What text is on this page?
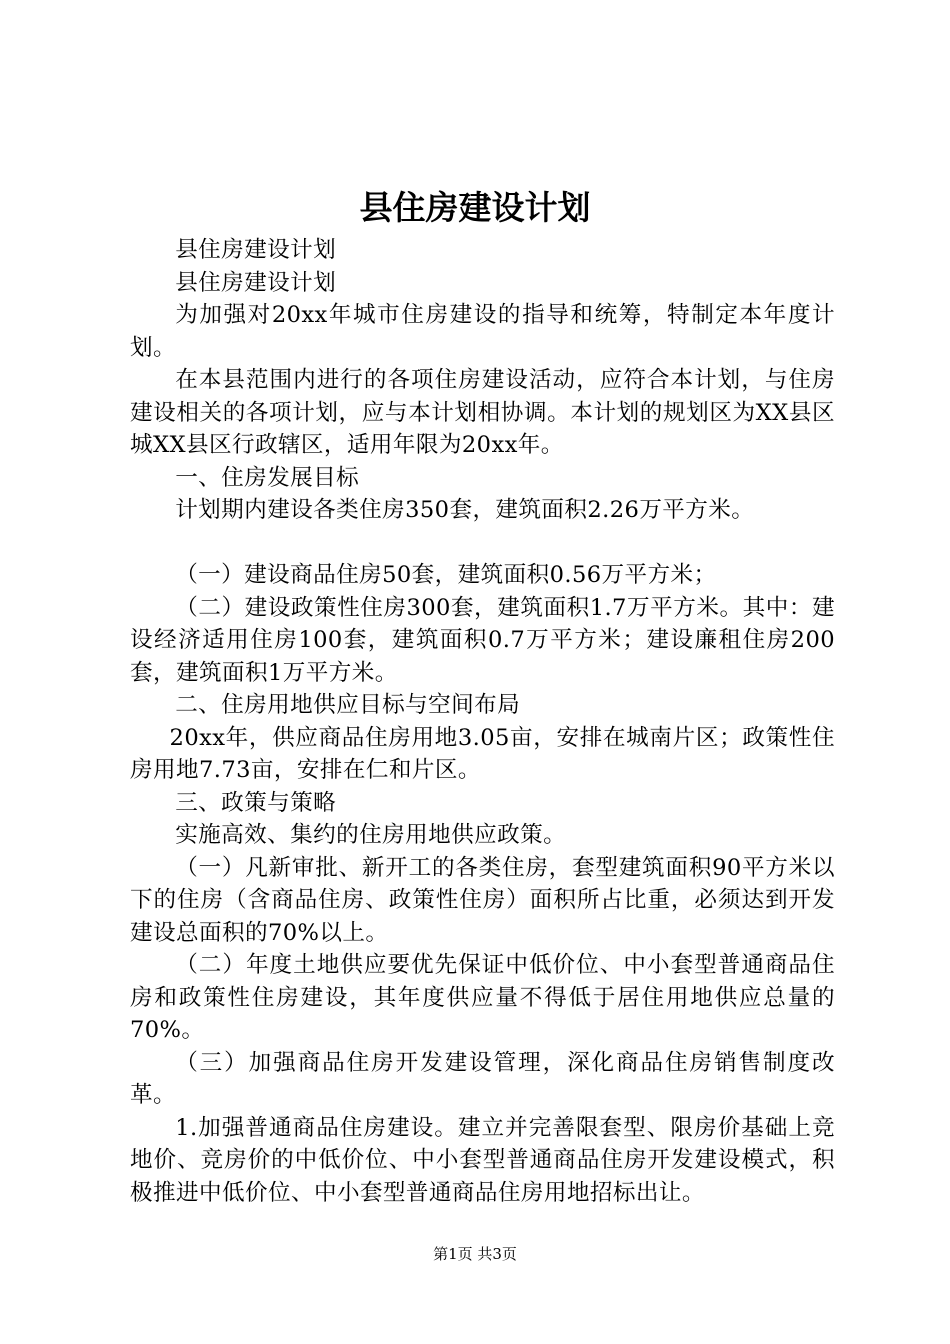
县住房建设计划

县住房建设计划

县住房建设计划

为加强对20xx年城市住房建设的指导和统筹，特制定本年度计划。

在本县范围内进行的各项住房建设活动，应符合本计划，与住房建设相关的各项计划，应与本计划相协调。本计划的规划区为XX县区城XX县区行政辖区，适用年限为20xx年。

一、住房发展目标

计划期内建设各类住房350套，建筑面积2.26万平方米。

（一）建设商品住房50套，建筑面积0.56万平方米；

（二）建设政策性住房300套，建筑面积1.7万平方米。其中：建设经济适用住房100套，建筑面积0.7万平方米；建设廉租住房200套，建筑面积1万平方米。

二、住房用地供应目标与空间布局

20xx年，供应商品住房用地3.05亩，安排在城南片区；政策性住房用地7.73亩，安排在仁和片区。

三、政策与策略

实施高效、集约的住房用地供应政策。

（一）凡新审批、新开工的各类住房，套型建筑面积90平方米以下的住房（含商品住房、政策性住房）面积所占比重，必须达到开发建设总面积的70%以上。

（二）年度土地供应要优先保证中低价位、中小套型普通商品住房和政策性住房建设，其年度供应量不得低于居住用地供应总量的70%。

（三）加强商品住房开发建设管理，深化商品住房销售制度改革。

1.加强普通商品住房建设。建立并完善限套型、限房价基础上竞地价、竞房价的中低价位、中小套型普通商品住房开发建设模式，积极推进中低价位、中小套型普通商品住房用地招标出让。

第1页 共3页
